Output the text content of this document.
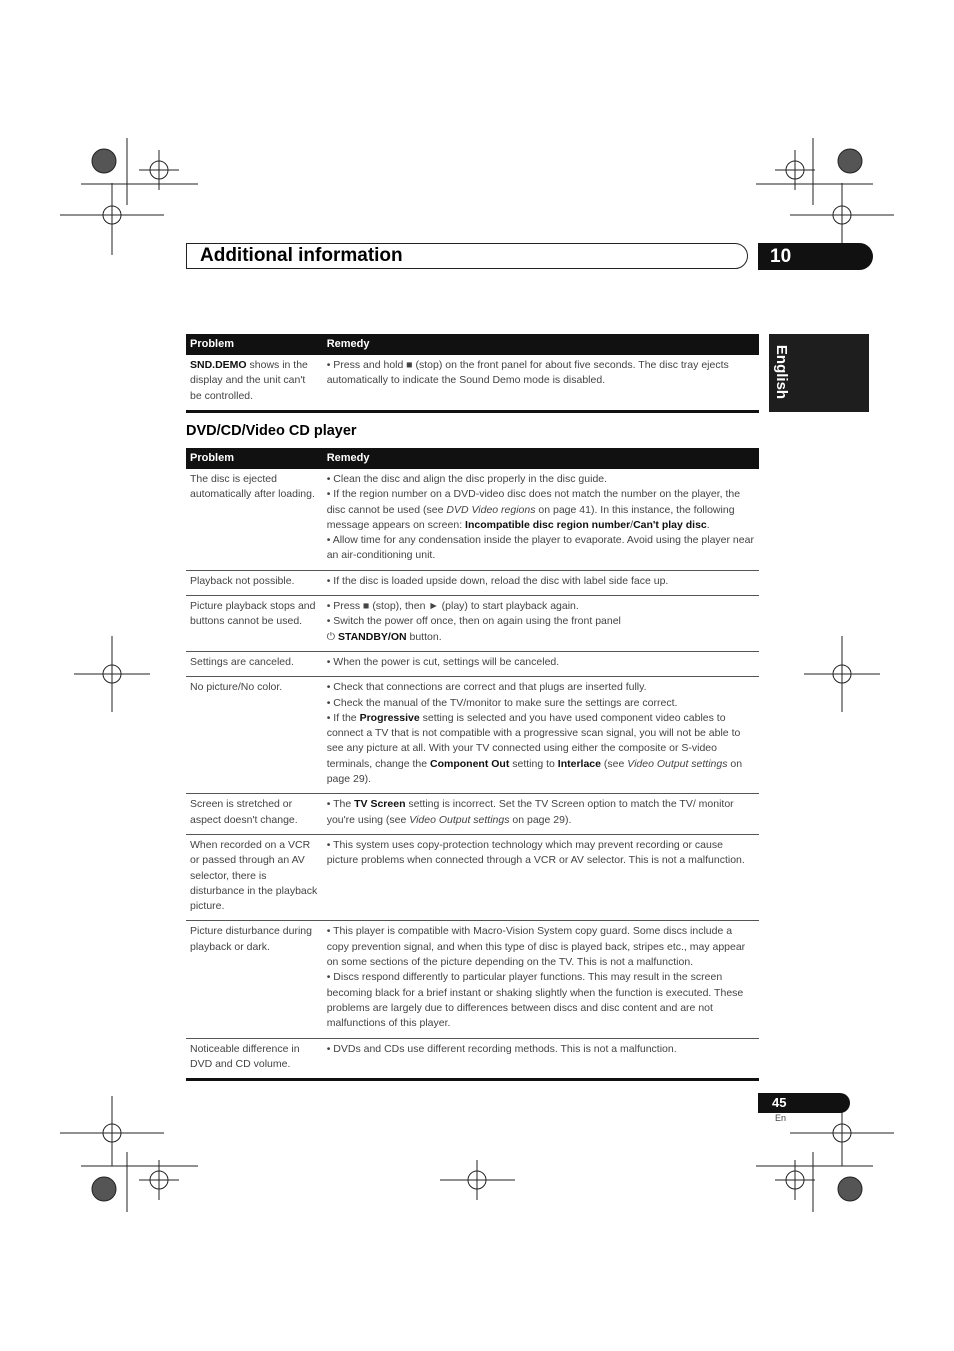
Additional information	10
English
Problem	Remedy
SND.DEMO shows in the display and the unit can't be controlled.	• Press and hold ■ (stop) on the front panel for about five seconds. The disc tray ejects automatically to indicate the Sound Demo mode is disabled.
DVD/CD/Video CD player
Problem	Remedy
The disc is ejected automatically after loading.	• Clean the disc and align the disc properly in the disc guide.
• If the region number on a DVD-video disc does not match the number on the player, the disc cannot be used (see DVD Video regions on page 41). In this instance, the following message appears on screen: Incompatible disc region number/Can't play disc.
• Allow time for any condensation inside the player to evaporate. Avoid using the player near an air-conditioning unit.
Playback not possible.	• If the disc is loaded upside down, reload the disc with label side face up.
Picture playback stops and buttons cannot be used.	• Press ■ (stop), then ► (play) to start playback again.
• Switch the power off once, then on again using the front panel
⏻ STANDBY/ON button.
Settings are canceled.	• When the power is cut, settings will be canceled.
No picture/No color.	• Check that connections are correct and that plugs are inserted fully.
• Check the manual of the TV/monitor to make sure the settings are correct.
• If the Progressive setting is selected and you have used component video cables to connect a TV that is not compatible with a progressive scan signal, you will not be able to see any picture at all. With your TV connected using either the composite or S-video terminals, change the Component Out setting to Interlace (see Video Output settings on page 29).
Screen is stretched or aspect doesn't change.	• The TV Screen setting is incorrect. Set the TV Screen option to match the TV/ monitor you're using (see Video Output settings on page 29).
When recorded on a VCR or passed through an AV selector, there is disturbance in the playback picture.	• This system uses copy-protection technology which may prevent recording or cause picture problems when connected through a VCR or AV selector. This is not a malfunction.
Picture disturbance during playback or dark.	• This player is compatible with Macro-Vision System copy guard. Some discs include a copy prevention signal, and when this type of disc is played back, stripes etc., may appear on some sections of the picture depending on the TV. This is not a malfunction.
• Discs respond differently to particular player functions. This may result in the screen becoming black for a brief instant or shaking slightly when the function is executed. These problems are largely due to differences between discs and disc content and are not malfunctions of this player.
Noticeable difference in DVD and CD volume.	• DVDs and CDs use different recording methods. This is not a malfunction.
45
En
